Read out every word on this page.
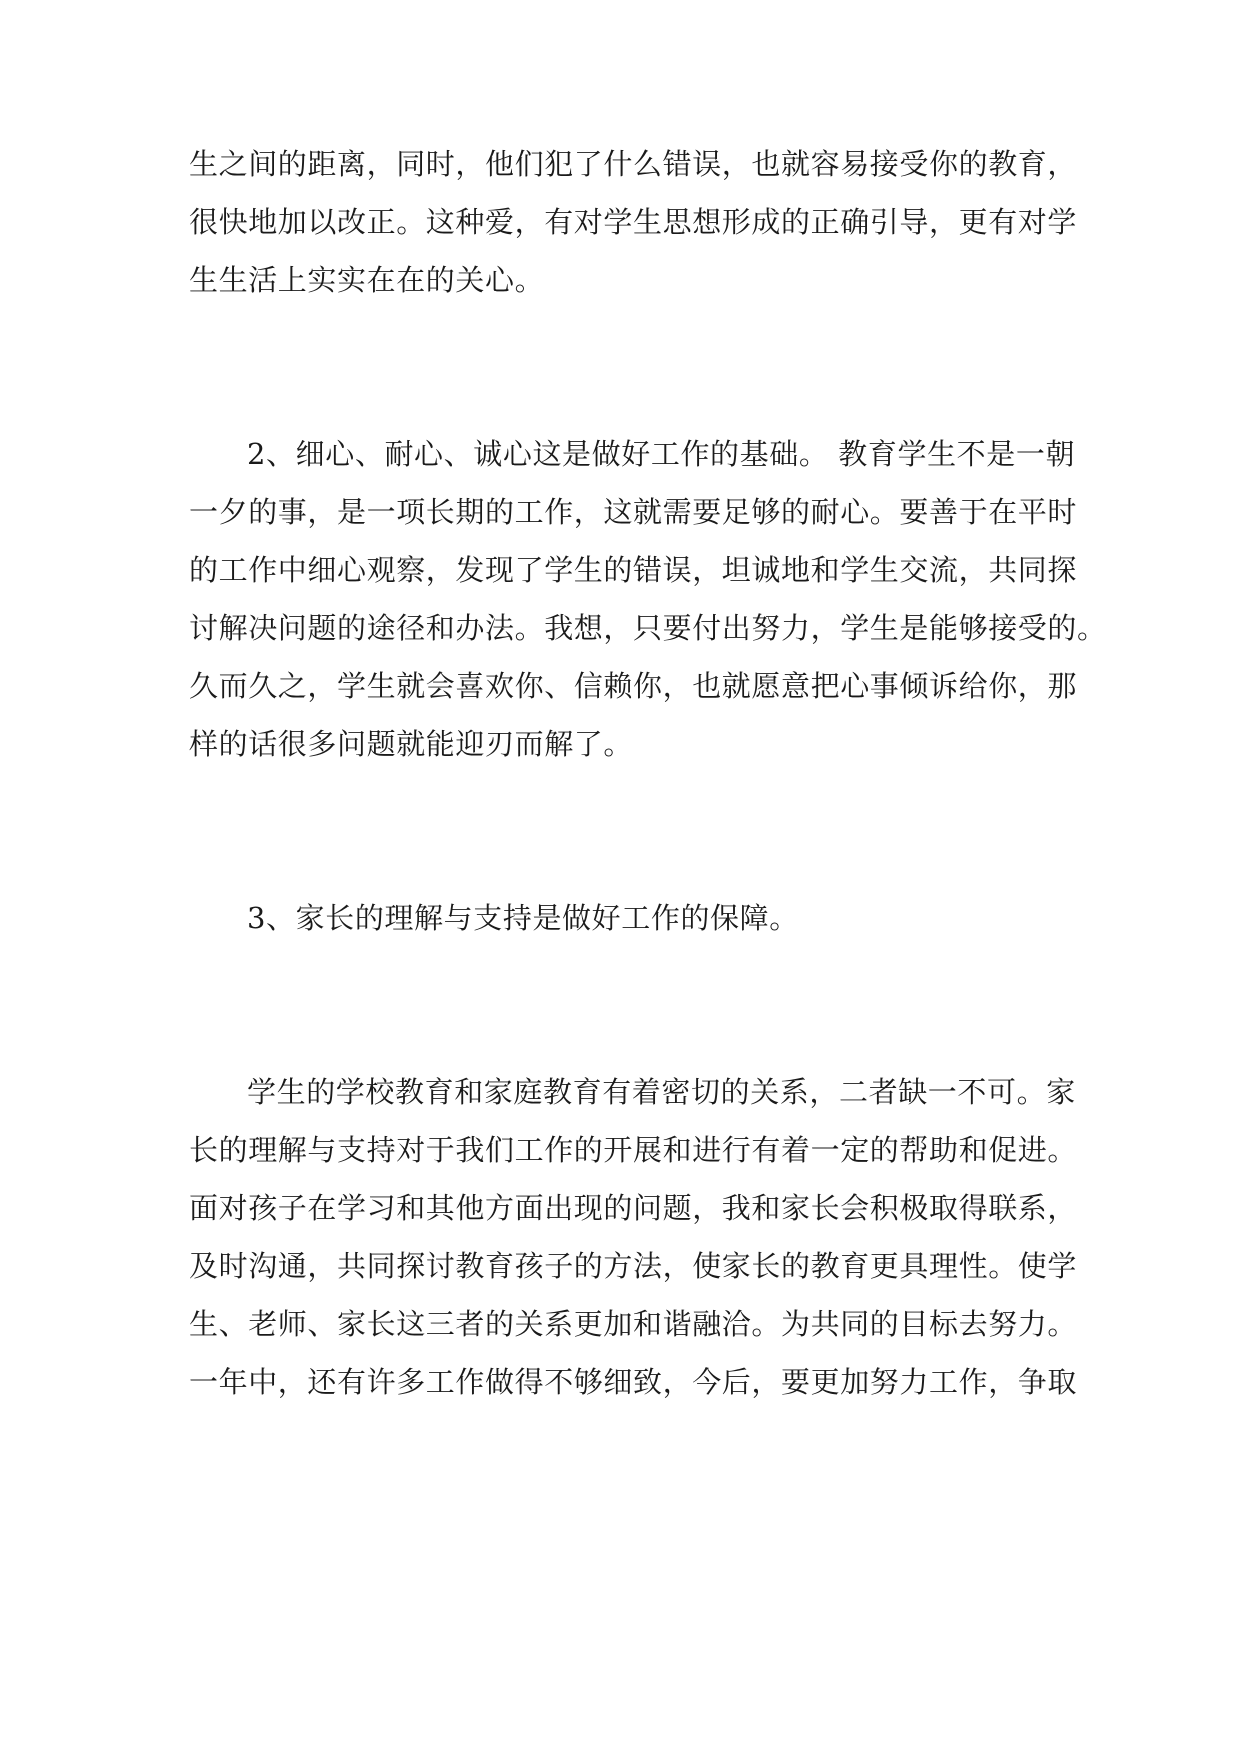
生之间的距离，同时，他们犯了什么错误，也就容易接受你的教育，
很快地加以改正。这种爱，有对学生思想形成的正确引导，更有对学
生生活上实实在在的关心。
2、细心、耐心、诚心这是做好工作的基础。 教育学生不是一朝
一夕的事，是一项长期的工作，这就需要足够的耐心。要善于在平时
的工作中细心观察，发现了学生的错误，坦诚地和学生交流，共同探
讨解决问题的途径和办法。我想，只要付出努力，学生是能够接受的。
久而久之，学生就会喜欢你、信赖你，也就愿意把心事倾诉给你，那
样的话很多问题就能迎刃而解了。
3、家长的理解与支持是做好工作的保障。
学生的学校教育和家庭教育有着密切的关系，二者缺一不可。家
长的理解与支持对于我们工作的开展和进行有着一定的帮助和促进。
面对孩子在学习和其他方面出现的问题，我和家长会积极取得联系，
及时沟通，共同探讨教育孩子的方法，使家长的教育更具理性。使学
生、老师、家长这三者的关系更加和谐融洽。为共同的目标去努力。
一年中，还有许多工作做得不够细致，今后，要更加努力工作，争取
